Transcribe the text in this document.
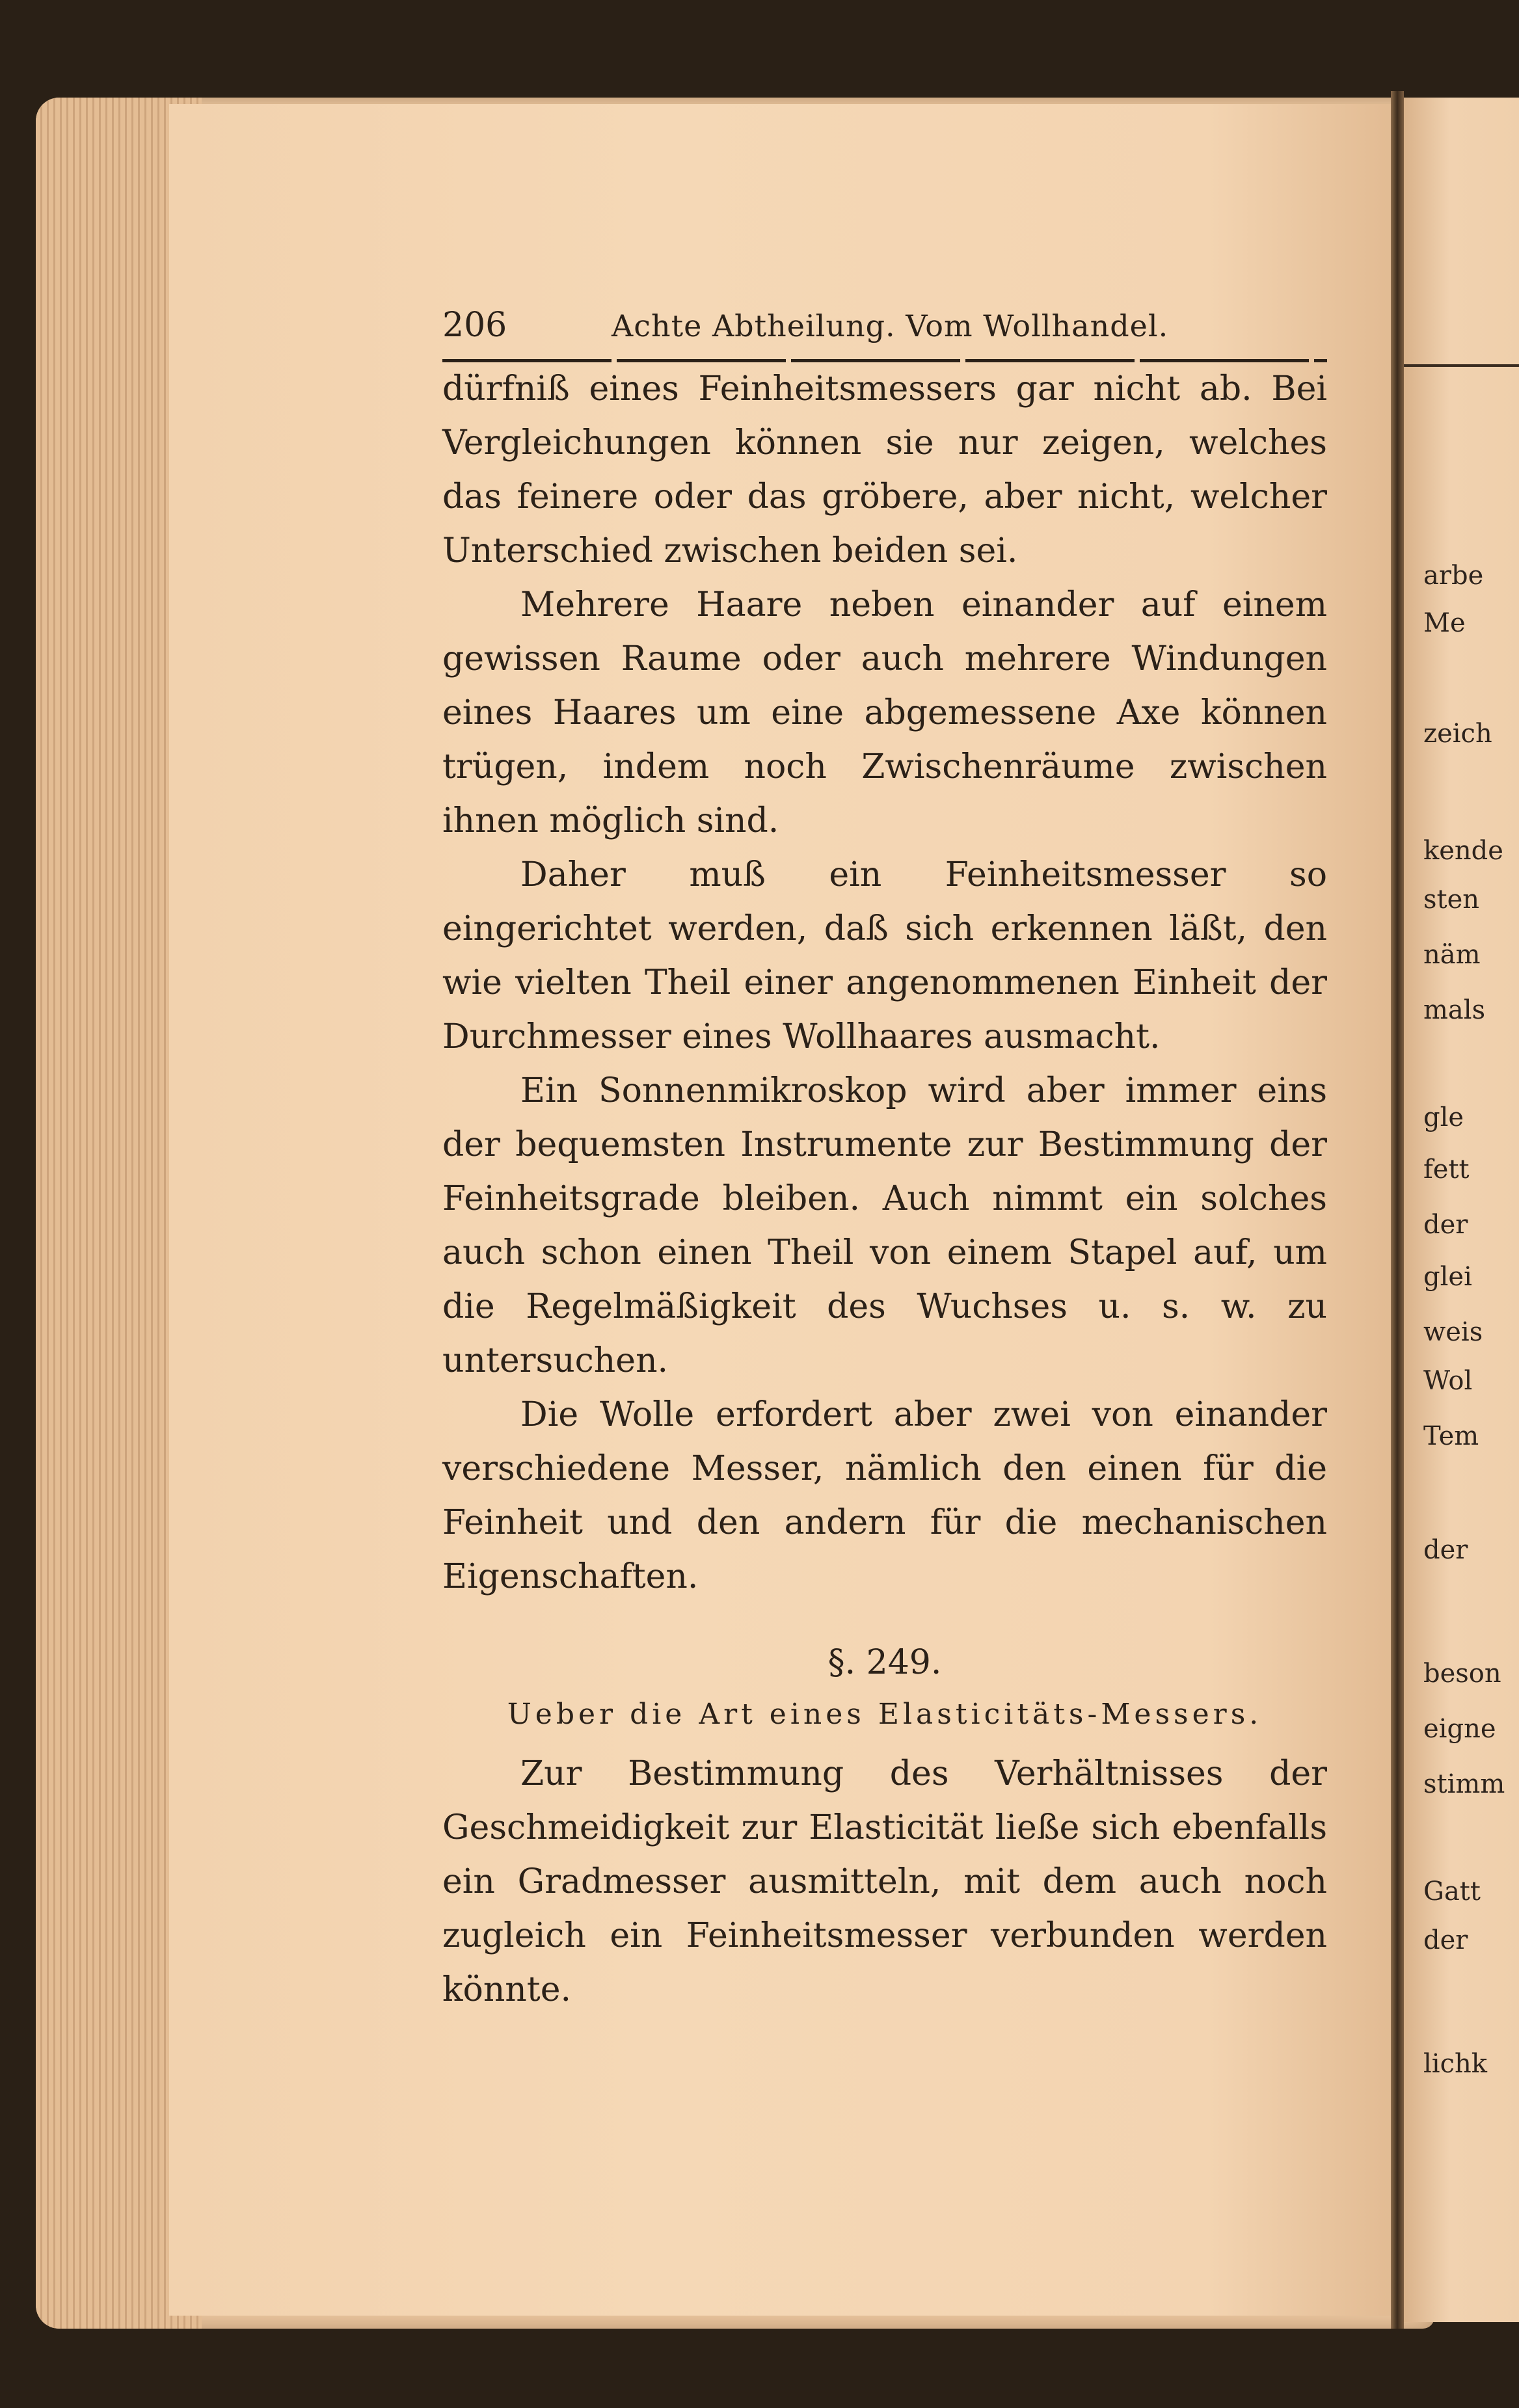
arbe
Me
zeich
kende
sten
näm
mals
gle
fett
der
glei
weis
Wol
Tem
der
beson
eigne
stimm
Gatt
der
lichk
206	Achte Abtheilung. Vom Wollhandel.

dürfniß eines Feinheitsmessers gar nicht ab. Bei Vergleichungen können sie nur zeigen, welches das feinere oder das gröbere, aber nicht, welcher Unterschied zwischen beiden sei.

Mehrere Haare neben einander auf einem gewissen Raume oder auch mehrere Windungen eines Haares um eine abgemessene Axe können trügen, indem noch Zwischenräume zwischen ihnen möglich sind.

Daher muß ein Feinheitsmesser so eingerichtet werden, daß sich erkennen läßt, den wie vielten Theil einer angenommenen Einheit der Durchmesser eines Wollhaares ausmacht.

Ein Sonnenmikroskop wird aber immer eins der bequemsten Instrumente zur Bestimmung der Feinheitsgrade bleiben. Auch nimmt ein solches auch schon einen Theil von einem Stapel auf, um die Regelmäßigkeit des Wuchses u. s. w. zu untersuchen.

Die Wolle erfordert aber zwei von einander verschiedene Messer, nämlich den einen für die Feinheit und den andern für die mechanischen Eigenschaften.

§. 249.
Ueber die Art eines Elasticitäts-Messers.

Zur Bestimmung des Verhältnisses der Geschmeidigkeit zur Elasticität ließe sich ebenfalls ein Gradmesser ausmitteln, mit dem auch noch zugleich ein Feinheitsmesser verbunden werden könnte.
